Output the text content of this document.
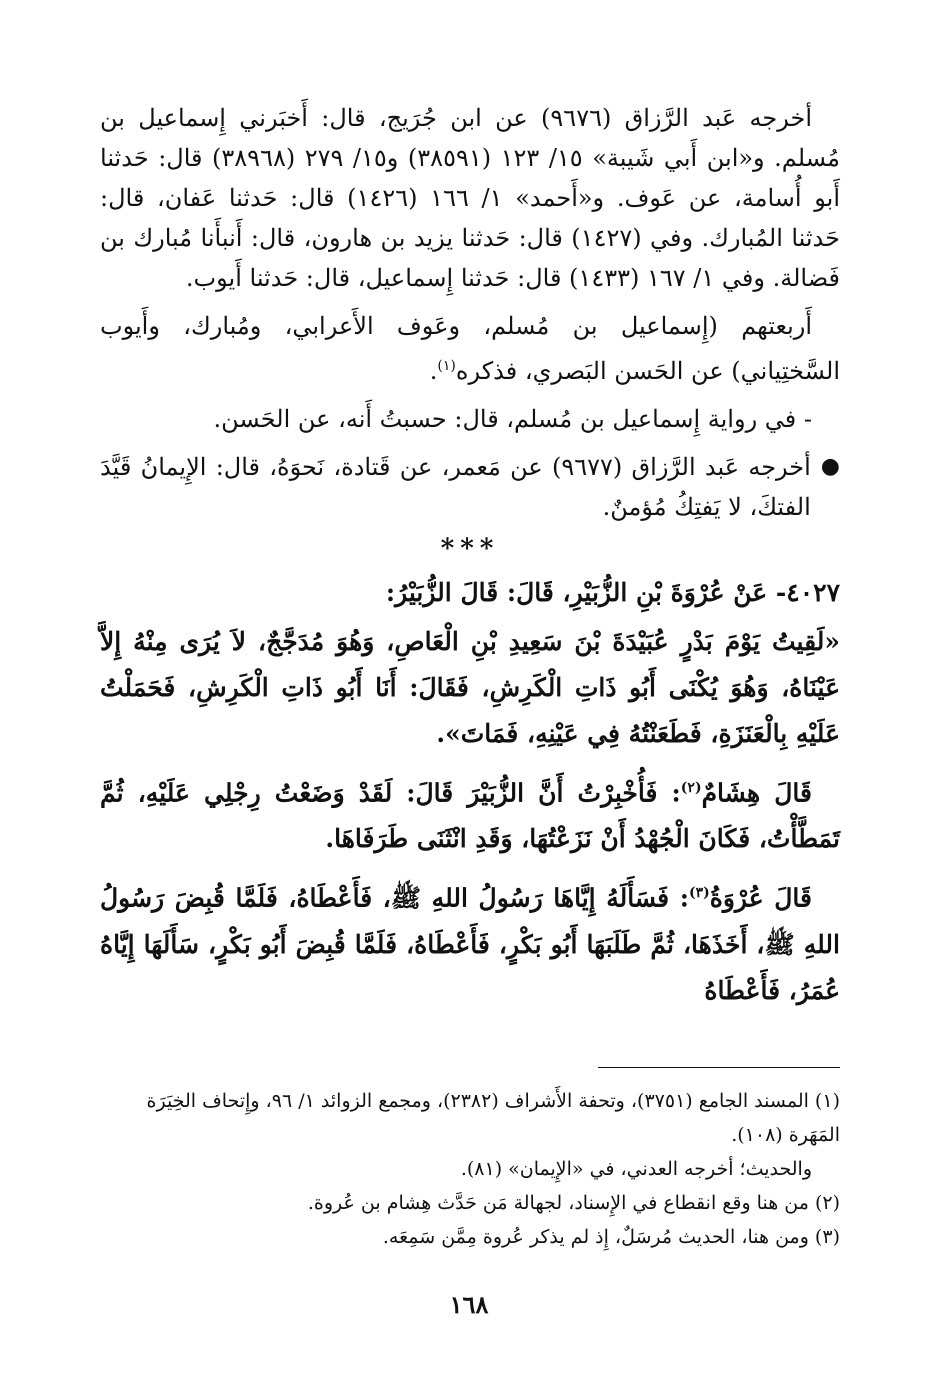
أخرجه عَبد الرَّزاق (٩٦٧٦) عن ابن جُرَيج، قال: أَخبَرني إِسماعيل بن مُسلم. و«ابن أَبي شَيبة» ١٥/ ١٢٣ (٣٨٥٩١) و١٥/ ٢٧٩ (٣٨٩٦٨) قال: حَدثنا أَبو أُسامة، عن عَوف. و«أَحمد» ١/ ١٦٦ (١٤٢٦) قال: حَدثنا عَفان، قال: حَدثنا المُبارك. وفي (١٤٢٧) قال: حَدثنا يزيد بن هارون، قال: أَنبأَنا مُبارك بن فَضالة. وفي ١/ ١٦٧ (١٤٣٣) قال: حَدثنا إِسماعيل، قال: حَدثنا أَيوب.

أَربعتهم (إِسماعيل بن مُسلم، وعَوف الأَعرابي، ومُبارك، وأَيوب السَّختِياني) عن الحَسن البَصري، فذكره$^{(١)}$.

- في رواية إِسماعيل بن مُسلم، قال: حسبتُ أَنه، عن الحَسن.

●
أخرجه عَبد الرَّزاق (٩٦٧٧) عن مَعمر، عن قَتادة، نَحوَهُ، قال: الإِيمانُ قَيَّدَ الفتكَ، لا يَفتِكُ مُؤمنٌ.
***
٤٠٢٧- عَنْ عُرْوَةَ بْنِ الزُّبَيْرِ، قَالَ: قَالَ الزُّبَيْرُ:

«لَقِيتُ يَوْمَ بَدْرٍ عُبَيْدَةَ بْنَ سَعِيدِ بْنِ الْعَاصِ، وَهُوَ مُدَجَّجٌ، لاَ يُرَى مِنْهُ إِلاَّ عَيْنَاهُ، وَهُوَ يُكْنَى أَبُو ذَاتِ الْكَرِشِ، فَقَالَ: أَنَا أَبُو ذَاتِ الْكَرِشِ، فَحَمَلْتُ عَلَيْهِ بِالْعَنَزَةِ، فَطَعَنْتُهُ فِي عَيْنِهِ، فَمَاتَ».

قَالَ هِشَامٌ$^{(٢)}$: فَأُخْبِرْتُ أَنَّ الزُّبَيْرَ قَالَ: لَقَدْ وَضَعْتُ رِجْلِي عَلَيْهِ، ثُمَّ تَمَطَّأْتُ، فَكَانَ الْجُهْدُ أَنْ نَزَعْتُهَا، وَقَدِ انْثَنَى طَرَفَاهَا.

قَالَ عُرْوَةُ$^{(٣)}$: فَسَأَلَهُ إِيَّاهَا رَسُولُ اللهِ ﷺ، فَأَعْطَاهُ، فَلَمَّا قُبِضَ رَسُولُ اللهِ ﷺ، أَخَذَهَا، ثُمَّ طَلَبَهَا أَبُو بَكْرٍ، فَأَعْطَاهُ، فَلَمَّا قُبِضَ أَبُو بَكْرٍ، سَأَلَهَا إِيَّاهُ عُمَرُ، فَأَعْطَاهُ

(١) المسند الجامع (٣٧٥١)، وتحفة الأَشراف (٢٣٨٢)، ومجمع الزوائد ١/ ٩٦، وإِتحاف الخِيَرَة المَهَرة (١٠٨).

والحديث؛ أخرجه العدني، في «الإِيمان» (٨١).

(٢) من هنا وقع انقطاع في الإِسناد، لجهالة مَن حَدَّث هِشام بن عُروة.

(٣) ومن هنا، الحديث مُرسَلٌ، إِذ لم يذكر عُروة مِمَّن سَمِعَه.

١٦٨
